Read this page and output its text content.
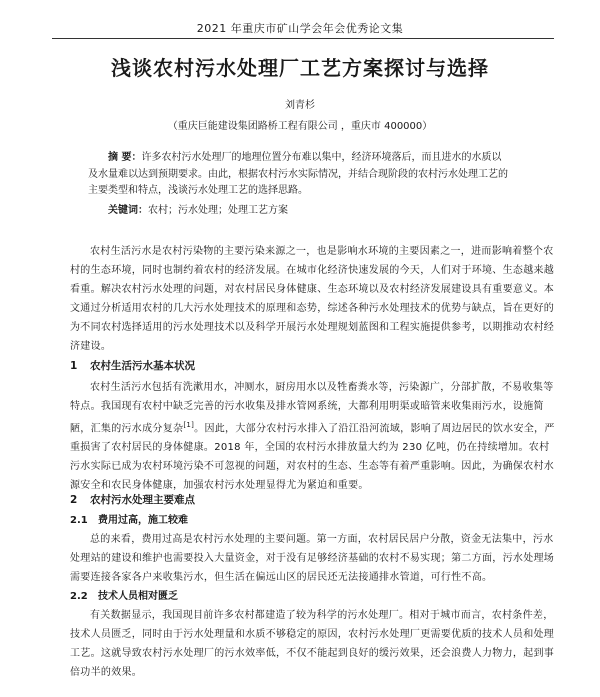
2021 年重庆市矿山学会年会优秀论文集
浅谈农村污水处理厂工艺方案探讨与选择
刘青杉
（重庆巨能建设集团路桥工程有限公司 ，重庆市 400000）
摘 要：许多农村污水处理厂的地理位置分布难以集中，经济环境落后，而且进水的水质以及水量难以达到预期要求。由此，根据农村污水实际情况，并结合现阶段的农村污水处理工艺的主要类型和特点，浅谈污水处理工艺的选择思路。
关键词：农村；污水处理；处理工艺方案
农村生活污水是农村污染物的主要污染来源之一，也是影响水环境的主要因素之一，进而影响着整个农村的生态环境，同时也制约着农村的经济发展。在城市化经济快速发展的今天，人们对于环境、生态越来越看重。解决农村污水处理的问题，对农村居民身体健康、生态环境以及农村经济发展建设具有重要意义。本文通过分析适用农村的几大污水处理技术的原理和态势，综述各种污水处理技术的优势与缺点，旨在更好的为不同农村选择适用的污水处理技术以及科学开展污水处理规划蓝图和工程实施提供参考，以期推动农村经济建设。
1 农村生活污水基本状况
农村生活污水包括有洗漱用水，冲厕水，厨房用水以及牲畜粪水等，污染源广，分部扩散，不易收集等特点。我国现有农村中缺乏完善的污水收集及排水管网系统，大都利用明渠或暗管来收集雨污水，设施简陋，汇集的污水成分复杂[1]。因此，大部分农村污水排入了沿江沿河流域，影响了周边居民的饮水安全，严重损害了农村居民的身体健康。2018 年，全国的农村污水排放量大约为 230 亿吨，仍在持续增加。农村污水实际已成为农村环境污染不可忽视的问题，对农村的生态、生态等有着严重影响。因此，为确保农村水源安全和农民身体健康，加强农村污水处理显得尤为紧迫和重要。
2 农村污水处理主要难点
2.1 费用过高，施工较难
总的来看，费用过高是农村污水处理的主要问题。第一方面，农村居民居户分散，资金无法集中，污水处理站的建设和维护也需要投入大量资金，对于没有足够经济基础的农村不易实现；第二方面，污水处理场需要连接各家各户来收集污水，但生活在偏远山区的居民还无法接通排水管道，可行性不高。
2.2 技术人员相对匮乏
有关数据显示，我国现目前许多农村都建造了较为科学的污水处理厂。相对于城市而言，农村条件差，技术人员匮乏，同时由于污水处理量和水质不够稳定的原因，农村污水处理厂更需要优质的技术人员和处理工艺。这就导致农村污水处理厂的污水效率低，不仅不能起到良好的缓污效果，还会浪费人力物力，起到事倍功半的效果。
